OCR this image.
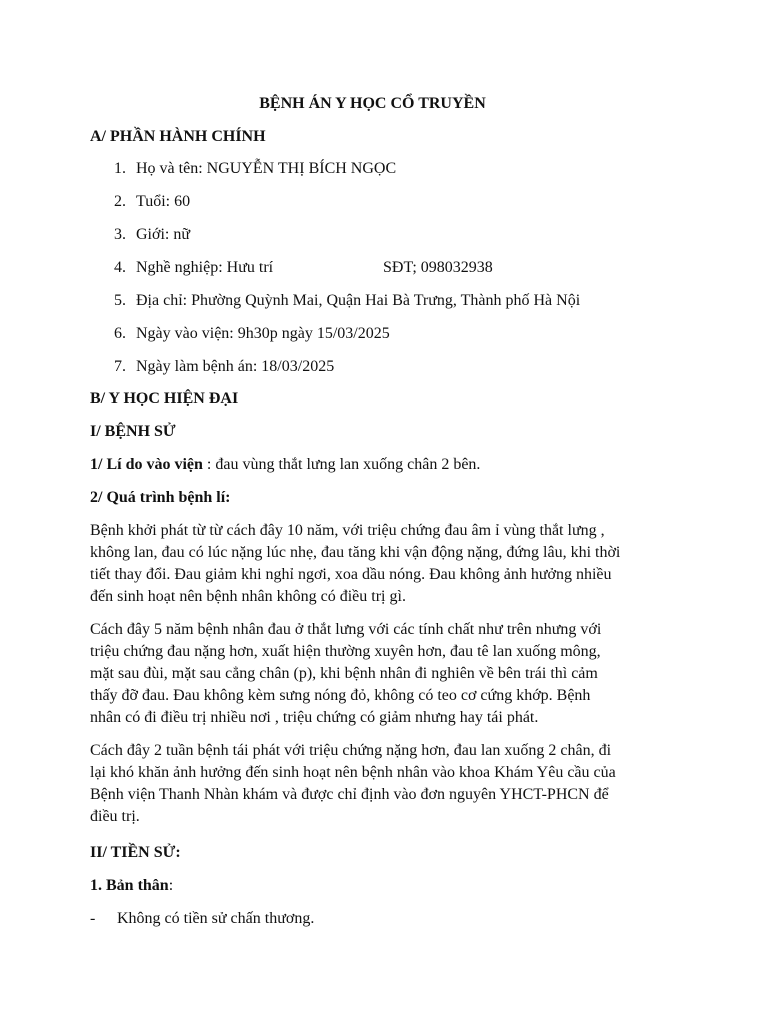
BỆNH ÁN Y HỌC CỔ TRUYỀN
A/ PHẦN HÀNH CHÍNH
1. Họ và tên: NGUYỄN THỊ BÍCH NGỌC
2. Tuổi: 60
3. Giới: nữ
4. Nghề nghiệp: Hưu trí	SĐT; 098032938
5. Địa chỉ: Phường Quỳnh Mai, Quận Hai Bà Trưng, Thành phố Hà Nội
6. Ngày vào viện: 9h30p ngày 15/03/2025
7. Ngày làm bệnh án: 18/03/2025
B/ Y HỌC HIỆN ĐẠI
I/ BỆNH SỬ
1/ Lí do vào viện : đau vùng thắt lưng lan xuống chân 2 bên.
2/ Quá trình bệnh lí:
Bệnh khởi phát từ từ cách đây 10 năm, với triệu chứng đau âm ỉ vùng thắt lưng ,
không lan, đau có lúc nặng lúc nhẹ, đau tăng khi vận động nặng, đứng lâu, khi thời
tiết thay đổi. Đau giảm khi nghỉ ngơi, xoa dầu nóng. Đau không ảnh hưởng nhiều
đến sinh hoạt nên bệnh nhân không có điều trị gì.
Cách đây 5 năm bệnh nhân đau ở thắt lưng với các tính chất như trên nhưng với
triệu chứng đau nặng hơn, xuất hiện thường xuyên hơn, đau tê lan xuống mông,
mặt sau đùi, mặt sau cẳng chân (p), khi bệnh nhân đi nghiên về bên trái thì cảm
thấy đỡ đau. Đau không kèm sưng nóng đỏ, không có teo cơ cứng khớp. Bệnh
nhân có đi điều trị nhiều nơi , triệu chứng có giảm nhưng hay tái phát.
Cách đây 2 tuần bệnh tái phát với triệu chứng nặng hơn, đau lan xuống 2 chân, đi
lại khó khăn ảnh hưởng đến sinh hoạt nên bệnh nhân vào khoa Khám Yêu cầu của
Bệnh viện Thanh Nhàn khám và được chỉ định vào đơn nguyên YHCT-PHCN để
điều trị.
II/ TIỀN SỬ:
1. Bản thân:
- Không có tiền sử chấn thương.
